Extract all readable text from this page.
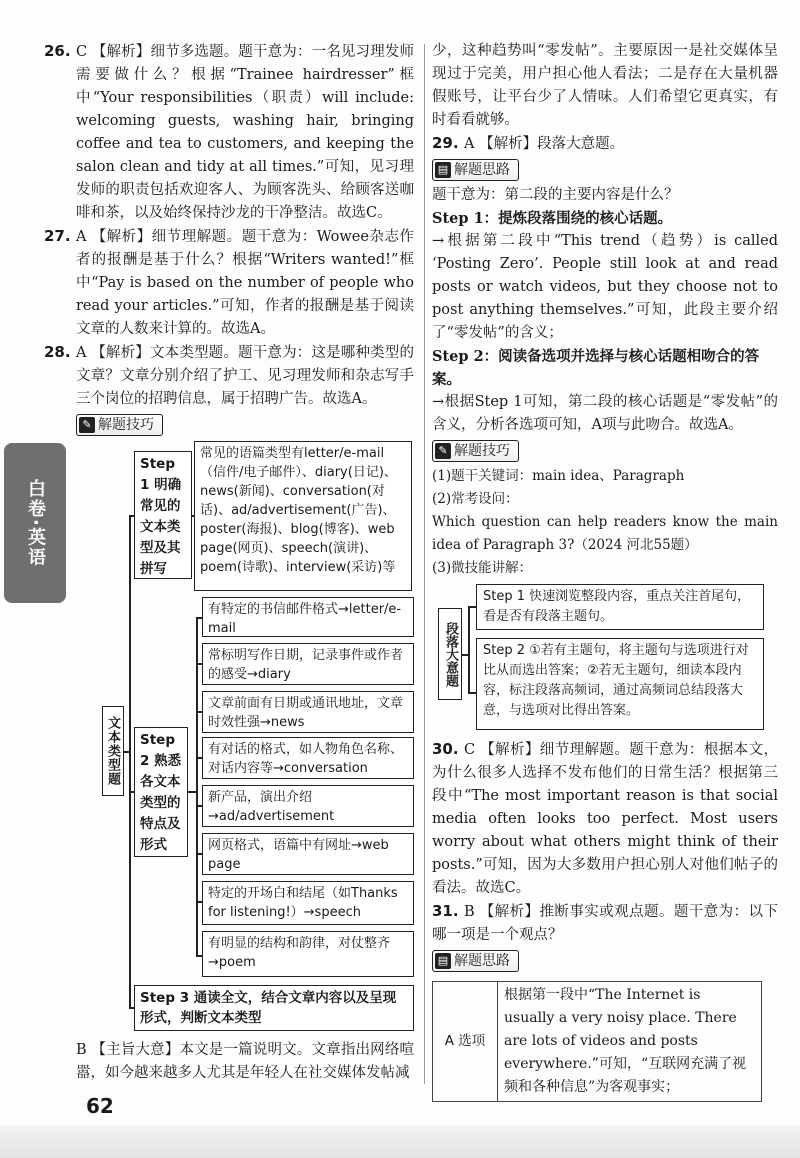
白卷·英语

26. C 【解析】细节多选题。题干意为：一名见习理发师需要做什么？根据“Trainee hairdresser”框中“Your responsibilities（职责）will include: welcoming guests, washing hair, bringing coffee and tea to customers, and keeping the salon clean and tidy at all times.”可知，见习理发师的职责包括欢迎客人、为顾客洗头、给顾客送咖啡和茶，以及始终保持沙龙的干净整洁。故选C。

27. A 【解析】细节理解题。题干意为：Wowee杂志作者的报酬是基于什么？根据“Writers wanted!”框中“Pay is based on the number of people who read your articles.”可知，作者的报酬是基于阅读文章的人数来计算的。故选A。

28. A 【解析】文本类型题。题干意为：这是哪种类型的文章？文章分别介绍了护工、见习理发师和杂志写手三个岗位的招聘信息，属于招聘广告。故选A。

✎ 解题技巧
文本类型题
Step 1 明确常见的文本类型及其拼写
常见的语篇类型有letter/e-mail（信件/电子邮件）、diary(日记)、news(新闻)、conversation(对话)、ad/advertisement(广告)、poster(海报)、blog(博客)、web page(网页)、speech(演讲)、poem(诗歌)、interview(采访)等
Step 2 熟悉各文本类型的特点及形式
有特定的书信邮件格式→letter/e-mail
常标明写作日期，记录事件或作者的感受→diary
文章前面有日期或通讯地址，文章时效性强→news
有对话的格式，如人物角色名称、对话内容等→conversation
新产品，演出介绍→ad/advertisement
网页格式，语篇中有网址→web page
特定的开场白和结尾（如Thanks for listening!）→speech
有明显的结构和韵律，对仗整齐→poem
Step 3 通读全文，结合文章内容以及呈现形式，判断文本类型

B 【主旨大意】本文是一篇说明文。文章指出网络喧嚣，如今越来越多人尤其是年轻人在社交媒体发帖减

少，这种趋势叫“零发帖”。主要原因一是社交媒体呈现过于完美，用户担心他人看法；二是存在大量机器假账号，让平台少了人情味。人们希望它更真实，有时看看就够。

29. A 【解析】段落大意题。

▤ 解题思路

题干意为：第二段的主要内容是什么？

Step 1：提炼段落围绕的核心话题。

→根据第二段中“This trend（趋势）is called ‘Posting Zero’. People still look at and read posts or watch videos, but they choose not to post anything themselves.”可知，此段主要介绍了“零发帖”的含义；

Step 2：阅读备选项并选择与核心话题相吻合的答案。

→根据Step 1可知，第二段的核心话题是“零发帖”的含义，分析各选项可知，A项与此吻合。故选A。

✎ 解题技巧

(1)题干关键词：main idea、Paragraph

(2)常考设问：

Which question can help readers know the main idea of Paragraph 3?（2024 河北55题）

(3)微技能讲解：

段落大意题
Step 1 快速浏览整段内容，重点关注首尾句，看是否有段落主题句。
Step 2 ①若有主题句，将主题句与选项进行对比从而选出答案；②若无主题句，细读本段内容，标注段落高频词，通过高频词总结段落大意，与选项对比得出答案。

30. C 【解析】细节理解题。题干意为：根据本文，为什么很多人选择不发布他们的日常生活？根据第三段中“The most important reason is that social media often looks too perfect. Most users worry about what others might think of their posts.”可知，因为大多数用户担心别人对他们帖子的看法。故选C。

31. B 【解析】推断事实或观点题。题干意为：以下哪一项是一个观点？

▤ 解题思路
A 选项	根据第一段中“The Internet is usually a very noisy place. There are lots of videos and posts everywhere.”可知，“互联网充满了视频和各种信息”为客观事实；
62
